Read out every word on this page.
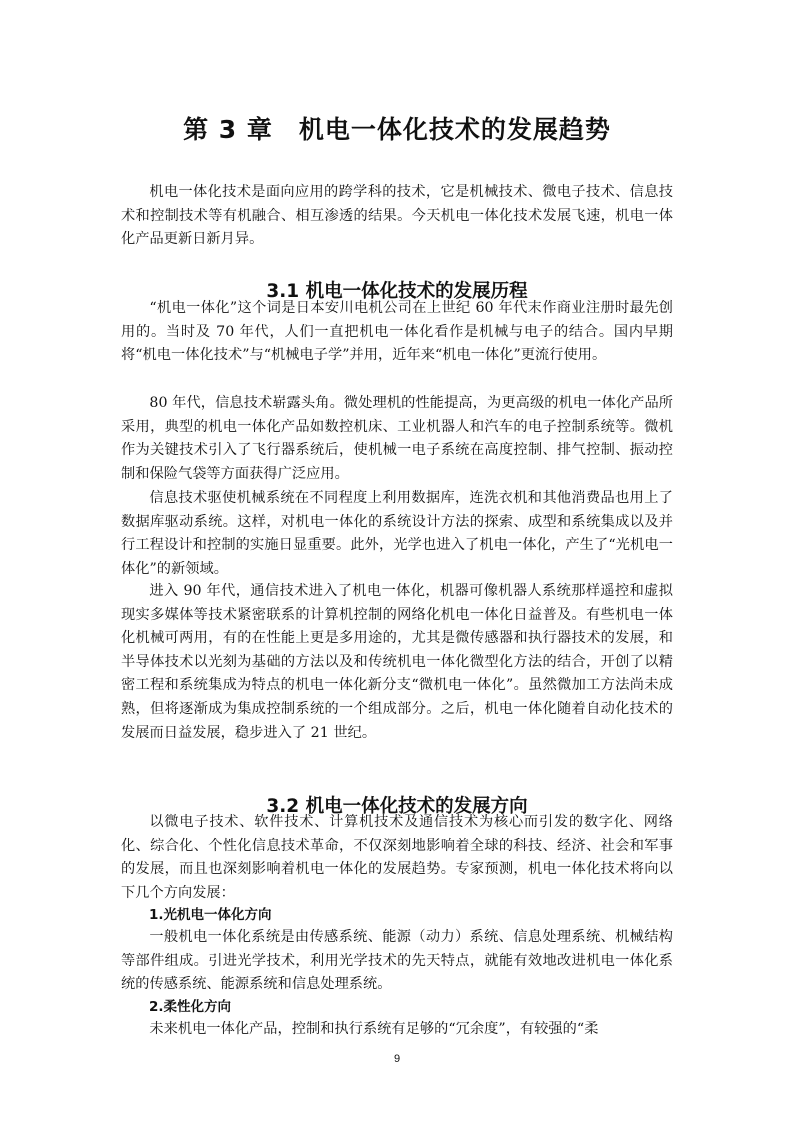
第 3 章　机电一体化技术的发展趋势

机电一体化技术是面向应用的跨学科的技术，它是机械技术、微电子技术、信息技术和控制技术等有机融合、相互渗透的结果。今天机电一体化技术发展飞速，机电一体化产品更新日新月异。

3.1 机电一体化技术的发展历程

“机电一体化”这个词是日本安川电机公司在上世纪 60 年代末作商业注册时最先创用的。当时及 70 年代，人们一直把机电一体化看作是机械与电子的结合。国内早期将“机电一体化技术”与“机械电子学”并用，近年来“机电一体化”更流行使用。

80 年代，信息技术崭露头角。微处理机的性能提高，为更高级的机电一体化产品所采用，典型的机电一体化产品如数控机床、工业机器人和汽车的电子控制系统等。微机作为关键技术引入了飞行器系统后，使机械一电子系统在高度控制、排气控制、振动控制和保险气袋等方面获得广泛应用。

信息技术驱使机械系统在不同程度上利用数据库，连洗衣机和其他消费品也用上了数据库驱动系统。这样，对机电一体化的系统设计方法的探索、成型和系统集成以及并行工程设计和控制的实施日显重要。此外，光学也进入了机电一体化，产生了“光机电一体化”的新领域。

进入 90 年代，通信技术进入了机电一体化，机器可像机器人系统那样遥控和虚拟现实多媒体等技术紧密联系的计算机控制的网络化机电一体化日益普及。有些机电一体化机械可两用，有的在性能上更是多用途的，尤其是微传感器和执行器技术的发展，和半导体技术以光刻为基础的方法以及和传统机电一体化微型化方法的结合，开创了以精密工程和系统集成为特点的机电一体化新分支“微机电一体化”。虽然微加工方法尚未成熟，但将逐渐成为集成控制系统的一个组成部分。之后，机电一体化随着自动化技术的发展而日益发展，稳步进入了 21 世纪。

3.2 机电一体化技术的发展方向

以微电子技术、软件技术、计算机技术及通信技术为核心而引发的数字化、网络化、综合化、个性化信息技术革命，不仅深刻地影响着全球的科技、经济、社会和军事的发展，而且也深刻影响着机电一体化的发展趋势。专家预测，机电一体化技术将向以下几个方向发展：

1.光机电一体化方向

一般机电一体化系统是由传感系统、能源（动力）系统、信息处理系统、机械结构等部件组成。引进光学技术，利用光学技术的先天特点，就能有效地改进机电一体化系统的传感系统、能源系统和信息处理系统。

2.柔性化方向

未来机电一体化产品，控制和执行系统有足够的“冗余度”，有较强的“柔

9
